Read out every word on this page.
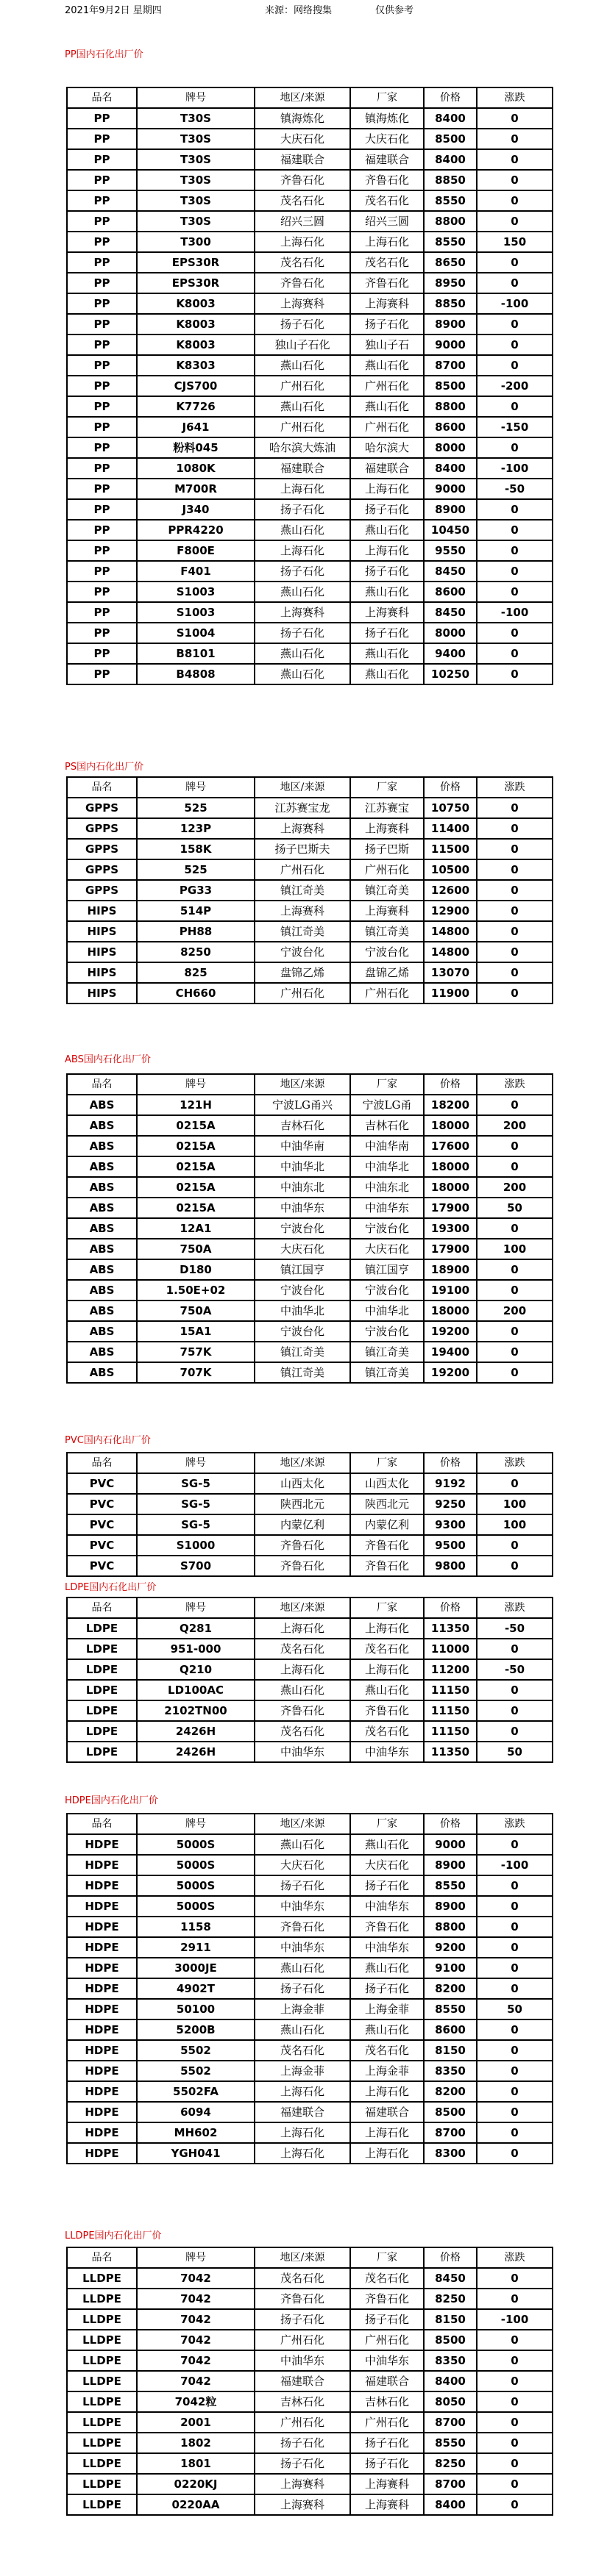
2021年9月2日 星期四	来源：网络搜集	仅供参考
PP国内石化出厂价
品名	牌号	地区/来源	厂家	价格	涨跌
PP	T30S	镇海炼化	镇海炼化	8400	0
PP	T30S	大庆石化	大庆石化	8500	0
PP	T30S	福建联合	福建联合	8400	0
PP	T30S	齐鲁石化	齐鲁石化	8850	0
PP	T30S	茂名石化	茂名石化	8550	0
PP	T30S	绍兴三圆	绍兴三圆	8800	0
PP	T300	上海石化	上海石化	8550	150
PP	EPS30R	茂名石化	茂名石化	8650	0
PP	EPS30R	齐鲁石化	齐鲁石化	8950	0
PP	K8003	上海赛科	上海赛科	8850	-100
PP	K8003	扬子石化	扬子石化	8900	0
PP	K8003	独山子石化	独山子石	9000	0
PP	K8303	燕山石化	燕山石化	8700	0
PP	CJS700	广州石化	广州石化	8500	-200
PP	K7726	燕山石化	燕山石化	8800	0
PP	J641	广州石化	广州石化	8600	-150
PP	粉料045	哈尔滨大炼油	哈尔滨大	8000	0
PP	1080K	福建联合	福建联合	8400	-100
PP	M700R	上海石化	上海石化	9000	-50
PP	J340	扬子石化	扬子石化	8900	0
PP	PPR4220	燕山石化	燕山石化	10450	0
PP	F800E	上海石化	上海石化	9550	0
PP	F401	扬子石化	扬子石化	8450	0
PP	S1003	燕山石化	燕山石化	8600	0
PP	S1003	上海赛科	上海赛科	8450	-100
PP	S1004	扬子石化	扬子石化	8000	0
PP	B8101	燕山石化	燕山石化	9400	0
PP	B4808	燕山石化	燕山石化	10250	0
PS国内石化出厂价
品名	牌号	地区/来源	厂家	价格	涨跌
GPPS	525	江苏赛宝龙	江苏赛宝	10750	0
GPPS	123P	上海赛科	上海赛科	11400	0
GPPS	158K	扬子巴斯夫	扬子巴斯	11500	0
GPPS	525	广州石化	广州石化	10500	0
GPPS	PG33	镇江奇美	镇江奇美	12600	0
HIPS	514P	上海赛科	上海赛科	12900	0
HIPS	PH88	镇江奇美	镇江奇美	14800	0
HIPS	8250	宁波台化	宁波台化	14800	0
HIPS	825	盘锦乙烯	盘锦乙烯	13070	0
HIPS	CH660	广州石化	广州石化	11900	0
ABS国内石化出厂价
品名	牌号	地区/来源	厂家	价格	涨跌
ABS	121H	宁波LG甬兴	宁波LG甬	18200	0
ABS	0215A	吉林石化	吉林石化	18000	200
ABS	0215A	中油华南	中油华南	17600	0
ABS	0215A	中油华北	中油华北	18000	0
ABS	0215A	中油东北	中油东北	18000	200
ABS	0215A	中油华东	中油华东	17900	50
ABS	12A1	宁波台化	宁波台化	19300	0
ABS	750A	大庆石化	大庆石化	17900	100
ABS	D180	镇江国亨	镇江国亨	18900	0
ABS	1.50E+02	宁波台化	宁波台化	19100	0
ABS	750A	中油华北	中油华北	18000	200
ABS	15A1	宁波台化	宁波台化	19200	0
ABS	757K	镇江奇美	镇江奇美	19400	0
ABS	707K	镇江奇美	镇江奇美	19200	0
PVC国内石化出厂价
品名	牌号	地区/来源	厂家	价格	涨跌
PVC	SG-5	山西太化	山西太化	9192	0
PVC	SG-5	陕西北元	陕西北元	9250	100
PVC	SG-5	内蒙亿利	内蒙亿利	9300	100
PVC	S1000	齐鲁石化	齐鲁石化	9500	0
PVC	S700	齐鲁石化	齐鲁石化	9800	0
LDPE国内石化出厂价
品名	牌号	地区/来源	厂家	价格	涨跌
LDPE	Q281	上海石化	上海石化	11350	-50
LDPE	951-000	茂名石化	茂名石化	11000	0
LDPE	Q210	上海石化	上海石化	11200	-50
LDPE	LD100AC	燕山石化	燕山石化	11150	0
LDPE	2102TN00	齐鲁石化	齐鲁石化	11150	0
LDPE	2426H	茂名石化	茂名石化	11150	0
LDPE	2426H	中油华东	中油华东	11350	50
HDPE国内石化出厂价
品名	牌号	地区/来源	厂家	价格	涨跌
HDPE	5000S	燕山石化	燕山石化	9000	0
HDPE	5000S	大庆石化	大庆石化	8900	-100
HDPE	5000S	扬子石化	扬子石化	8550	0
HDPE	5000S	中油华东	中油华东	8900	0
HDPE	1158	齐鲁石化	齐鲁石化	8800	0
HDPE	2911	中油华东	中油华东	9200	0
HDPE	3000JE	燕山石化	燕山石化	9100	0
HDPE	4902T	扬子石化	扬子石化	8200	0
HDPE	50100	上海金菲	上海金菲	8550	50
HDPE	5200B	燕山石化	燕山石化	8600	0
HDPE	5502	茂名石化	茂名石化	8150	0
HDPE	5502	上海金菲	上海金菲	8350	0
HDPE	5502FA	上海石化	上海石化	8200	0
HDPE	6094	福建联合	福建联合	8500	0
HDPE	MH602	上海石化	上海石化	8700	0
HDPE	YGH041	上海石化	上海石化	8300	0
LLDPE国内石化出厂价
品名	牌号	地区/来源	厂家	价格	涨跌
LLDPE	7042	茂名石化	茂名石化	8450	0
LLDPE	7042	齐鲁石化	齐鲁石化	8250	0
LLDPE	7042	扬子石化	扬子石化	8150	-100
LLDPE	7042	广州石化	广州石化	8500	0
LLDPE	7042	中油华东	中油华东	8350	0
LLDPE	7042	福建联合	福建联合	8400	0
LLDPE	7042粒	吉林石化	吉林石化	8050	0
LLDPE	2001	广州石化	广州石化	8700	0
LLDPE	1802	扬子石化	扬子石化	8550	0
LLDPE	1801	扬子石化	扬子石化	8250	0
LLDPE	0220KJ	上海赛科	上海赛科	8700	0
LLDPE	0220AA	上海赛科	上海赛科	8400	0
